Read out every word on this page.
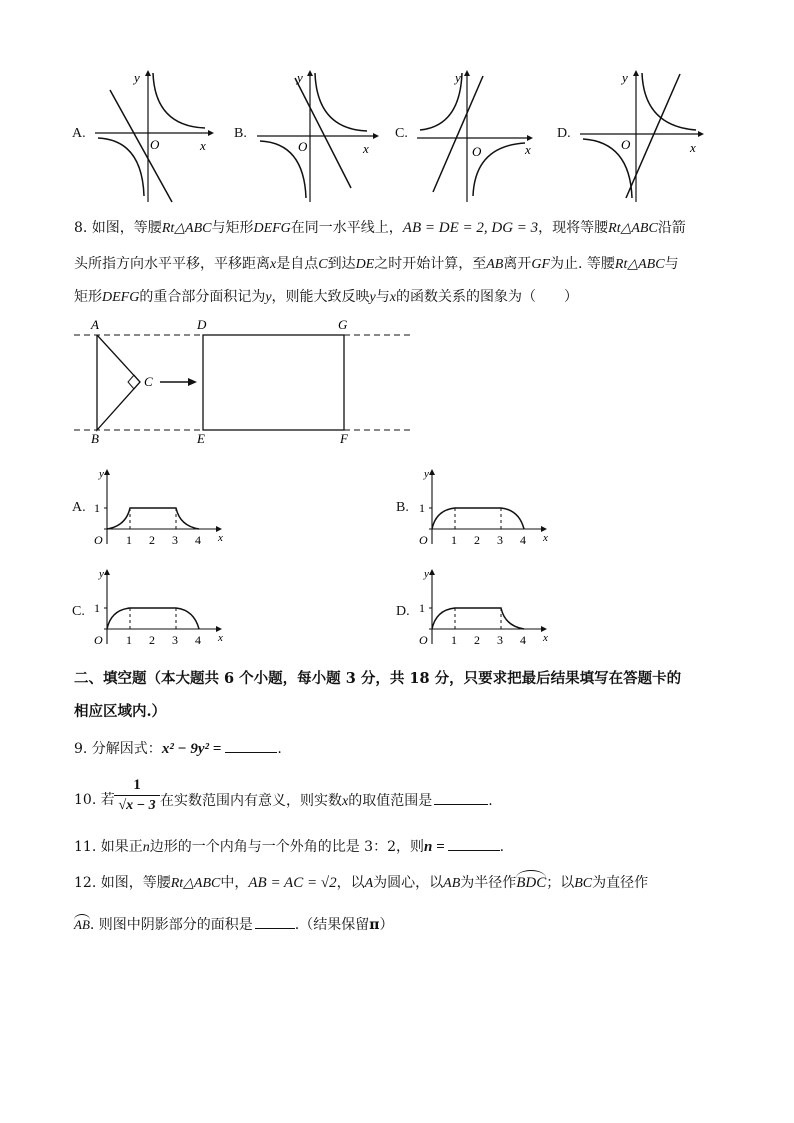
A.
y
x
O
B.
y
x
O
C.
y
x
O
D.
y
x
O
8. 如图，等腰Rt△ABC与矩形DEFG在同一水平线上，AB = DE = 2, DG = 3，现将等腰Rt△ABC沿箭
头所指方向水平平移，平移距离x是自点C到达DE之时开始计算，至AB离开GF为止. 等腰Rt△ABC与
矩形DEFG的重合部分面积记为y，则能大致反映y与x的函数关系的图象为（　　）
A
B
C
D
E	F
G
A.
y
1
O 1 2 3 4 x
B.
y
1
O 1 2 3 4 x
C.
y
1
O 1 2 3 4 x
D.
y
1
O 1 2 3 4 x
二、填空题（本大题共 6 个小题，每小题 3 分，共 18 分，只要求把最后结果填写在答题卡的
相应区域内.）
9. 分解因式：x² − 9y² =	.
10. 若
1
√x − 3 在实数范围内有意义，则实数x的取值范围是	.
11. 如果正n边形的一个内角与一个外角的比是 3：2，则n =	.
12. 如图，等腰Rt△ABC中，AB = AC = √2，以A为圆心，以AB为半径作BDC；以BC为直径作
AB. 则图中阴影部分的面积是	.（结果保留π）
